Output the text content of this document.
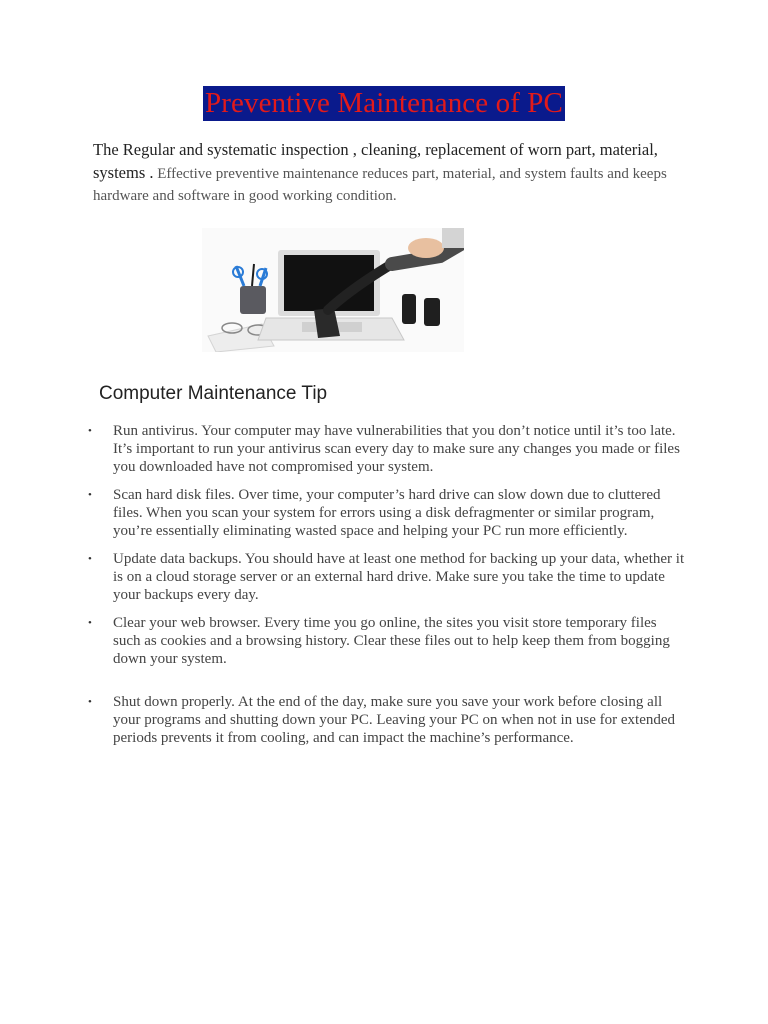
Preventive Maintenance of PC

The Regular and systematic inspection , cleaning, replacement of worn part, material, systems . Effective preventive maintenance reduces part, material, and system faults and keeps hardware and software in good working condition.

Computer Maintenance Tip
• Run antivirus. Your computer may have vulnerabilities that you don’t notice until it’s too late. It’s important to run your antivirus scan every day to make sure any changes you made or files you downloaded have not compromised your system.
• Scan hard disk files. Over time, your computer’s hard drive can slow down due to cluttered files. When you scan your system for errors using a disk defragmenter or similar program, you’re essentially eliminating wasted space and helping your PC run more efficiently.
• Update data backups. You should have at least one method for backing up your data, whether it is on a cloud storage server or an external hard drive. Make sure you take the time to update your backups every day.
• Clear your web browser. Every time you go online, the sites you visit store temporary files such as cookies and a browsing history. Clear these files out to help keep them from bogging down your system.
• Shut down properly. At the end of the day, make sure you save your work before closing all your programs and shutting down your PC. Leaving your PC on when not in use for extended periods prevents it from cooling, and can impact the machine’s performance.
